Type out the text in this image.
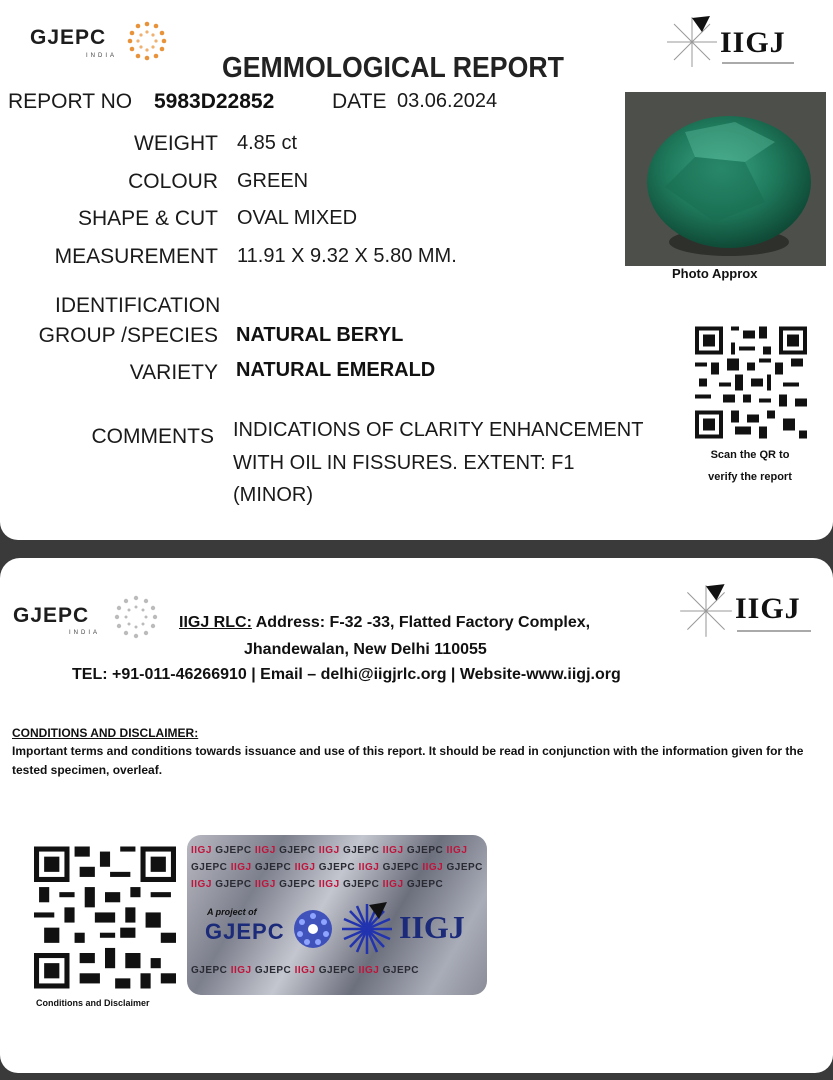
GJEPC
INDIA	IIGJ
GEMMOLOGICAL REPORT
REPORT NO 5983D22852	DATE 03.06.2024
WEIGHT 4.85 ct
COLOUR GREEN
SHAPE & CUT OVAL MIXED
MEASUREMENT 11.91 X 9.32 X 5.80 MM.
IDENTIFICATION
GROUP /SPECIES NATURAL BERYL
VARIETY NATURAL EMERALD
COMMENTS INDICATIONS OF CLARITY ENHANCEMENT
WITH OIL IN FISSURES. EXTENT: F1
(MINOR)
Photo Approx
Scan the QR to
verify the report
GJEPC
INDIA
IIGJ
IIGJ RLC: Address: F-32 -33, Flatted Factory Complex,
Jhandewalan, New Delhi 110055
TEL: +91-011-46266910 | Email – delhi@iigjrlc.org | Website-www.iigj.org
CONDITIONS AND DISCLAIMER:
Important terms and conditions towards issuance and use of this report. It should be read in conjunction with the information given for the tested specimen, overleaf.
Conditions and Disclaimer
IIGJ GJEPC IIGJ GJEPC IIGJ GJEPC IIGJ GJEPC IIGJ
GJEPC IIGJ GJEPC IIGJ GJEPC IIGJ GJEPC IIGJ GJEPC
IIGJ GJEPC IIGJ GJEPC IIGJ GJEPC IIGJ GJEPC
A project of
GJEPC	IIGJ
GJEPC IIGJ GJEPC IIGJ GJEPC IIGJ GJEPC
